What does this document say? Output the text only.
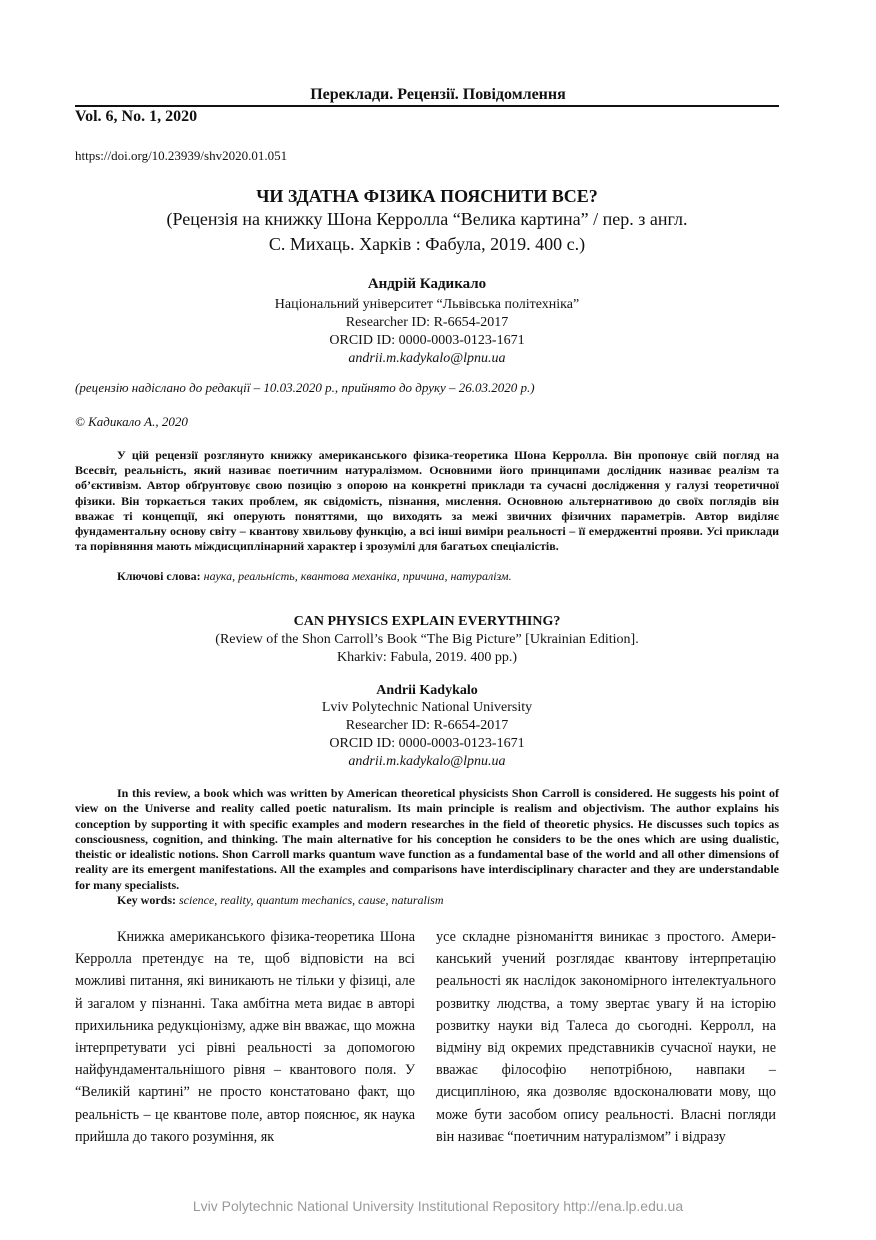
Переклади. Рецензії. Повідомлення
Vol. 6, No. 1, 2020
https://doi.org/10.23939/shv2020.01.051
ЧИ ЗДАТНА ФІЗИКА ПОЯСНИТИ ВСЕ?
(Рецензія на книжку Шона Керролла “Велика картина” / пер. з англ.
С. Михаць. Харків : Фабула, 2019. 400 с.)
Андрій Кадикало
Національний університет “Львівська політехніка”
Researcher ID: R-6654-2017
ORCID ID: 0000-0003-0123-1671
andrii.m.kadykalo@lpnu.ua
(рецензію надіслано до редакції – 10.03.2020 р., прийнято до друку – 26.03.2020 р.)
© Кадикало А., 2020
У цій рецензії розглянуто книжку американського фізика-теоретика Шона Керролла. Він пропонує свій погляд на Всесвіт, реальність, який називає поетичним натуралізмом. Основними його принципами дослідник називає реалізм та об’єктивізм. Автор обґрунтовує свою позицію з опорою на конкретні приклади та сучасні дослідження у галузі теоретичної фізики. Він торкається таких проблем, як свідомість, пізнання, мислення. Основною альтернативою до своїх поглядів він вважає ті концепції, які оперують поняттями, що виходять за межі звичних фізичних параметрів. Автор виділяє фундаментальну основу світу – квантову хвильову функцію, а всі інші виміри реальності – її емерджентні прояви. Усі приклади та порівняння мають міждисциплінарний характер і зрозумілі для багатьох спеціалістів.
Ключові слова: наука, реальність, квантова механіка, причина, натуралізм.
CAN PHYSICS EXPLAIN EVERYTHING?
(Review of the Shon Carroll’s Book “The Big Picture” [Ukrainian Edition].
Kharkiv: Fabula, 2019. 400 pp.)
Andrii Kadykalo
Lviv Polytechnic National University
Researcher ID: R-6654-2017
ORCID ID: 0000-0003-0123-1671
andrii.m.kadykalo@lpnu.ua
In this review, a book which was written by American theoretical physicists Shon Carroll is considered. He suggests his point of view on the Universe and reality called poetic naturalism. Its main principle is realism and objectivism. The author explains his conception by supporting it with specific examples and modern researches in the field of theoretic physics. He discusses such topics as consciousness, cognition, and thinking. The main alternative for his conception he considers to be the ones which are using dualistic, theistic or idealistic notions. Shon Carroll marks quantum wave function as a fundamental base of the world and all other dimensions of reality are its emergent manifestations. All the examples and comparisons have interdisciplinary character and they are understandable for many specialists.
Key words: science, reality, quantum mechanics, cause, naturalism
Книжка американського фізика-теоретика Шона Керролла претендує на те, щоб відповісти на всі можливі питання, які виникають не тільки у фізиці, але й загалом у пізнанні. Така амбітна мета видає в авторі прихильника редукціонізму, адже він вважає, що можна інтерпретувати усі рівні реальності за допомогою найфундаментальнішого рівня – квантового поля. У “Великій картині” не просто констатовано факт, що реальність – це квантове поле, автор пояснює, як наука прийшла до такого розуміння, як
усе складне різноманіття виникає з простого. Американський учений розглядає квантову інтерпретацію реальності як наслідок закономірного інтелектуального розвитку людства, а тому звертає увагу й на історію розвитку науки від Талеса до сьогодні. Керролл, на відміну від окремих представників сучасної науки, не вважає філософію непотрібною, навпаки – дисципліною, яка дозволяє вдосконалювати мову, що може бути засобом опису реальності. Власні погляди він називає “поетичним натуралізмом” і відразу
Lviv Polytechnic National University Institutional Repository http://ena.lp.edu.ua
